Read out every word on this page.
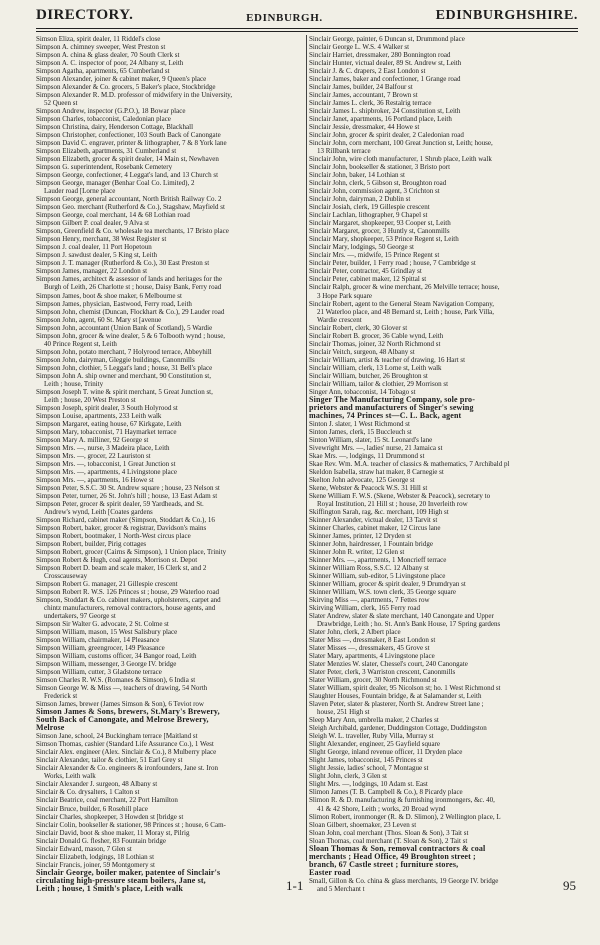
DIRECTORY.	EDINBURGH.	EDINBURGHSHIRE.
Simson Eliza, spirit dealer, 11 Riddel's close
Simpson A. chimney sweeper, West Preston st
Simpson A. china & glass dealer, 70 South Clerk st
Simpson A. C. inspector of poor, 24 Albany st, Leith
Simpson Agatha, apartments, 65 Cumberland st
Simpson Alexander, joiner & cabinet maker, 9 Queen's place
Simpson Alexander & Co. grocers, 5 Baker's place, Stockbridge
Simpson Alexander R. M.D. professor of midwifery in the University,
52 Queen st
Simpson Andrew, inspector (G.P.O.), 18 Bowar place
Simpson Charles, tobacconist, Caledonian place
Simpson Christina, dairy, Henderson Cottage, Blackhall
Simpson Christopher, confectioner, 103 South Back of Canongate
Simpson David C. engraver, printer & lithographer, 7 & 8 York lane
Simpson Elizabeth, apartments, 31 Cumberland st
Simpson Elizabeth, grocer & spirit dealer, 14 Main st, Newhaven
Simpson G. superintendent, Rosebank Cemetery
Simpson George, confectioner, 4 Leggat's land, and 13 Church st
Simpson George, manager (Benhar Coal Co. Limited), 2
Lauder road [Lorne place
Simpson George, general accountant, North British Railway Co. 2
Simpson Geo. merchant (Rutherford & Co.), Stagshaw, Mayfield st
Simpson George, coal merchant, 14 & 68 Lothian road
Simpson Gilbert P. coal dealer, 9 Alva st
Simpson, Greenfield & Co. wholesale tea merchants, 17 Bristo place
Simpson Henry, merchant, 38 West Register st
Simpson J. coal dealer, 11 Port Hopetoun
Simpson J. sawdust dealer, 5 King st, Leith
Simpson J. T. manager (Rutherford & Co.), 30 East Preston st
Simpson James, manager, 22 London st
Simpson James, architect & assessor of lands and heritages for the
Burgh of Leith, 26 Charlotte st ; house, Daisy Bank, Ferry road
Simpson James, boot & shoe maker, 6 Melbourne st
Simpson James, physician, Eastwood, Ferry road, Leith
Simpson John, chemist (Duncan, Flockhart & Co.), 29 Lauder road
Simpson John, agent, 60 St. Mary st [avenue
Simpson John, accountant (Union Bank of Scotland), 5 Wardie
Simpson John, grocer & wine dealer, 5 & 6 Tolbooth wynd ; house,
40 Prince Regent st, Leith
Simpson John, potato merchant, 7 Holyrood terrace, Abbeyhill
Simpson John, dairyman, Gleggie buildings, Canonmills
Simpson John, clothier, 5 Leggat's land ; house, 31 Bell's place
Simpson John A. ship owner and merchant, 90 Constitution st,
Leith ; house, Trinity
Simpson Joseph T. wine & spirit merchant, 5 Great Junction st,
Leith ; house, 20 West Preston st
Simpson Joseph, spirit dealer, 3 South Holyrood st
Simpson Louise, apartments, 233 Leith walk
Simpson Margaret, eating house, 67 Kirkgate, Leith
Simpson Mary, tobacconist, 71 Haymarket terrace
Simpson Mary A. milliner, 92 George st
Simpson Mrs. —, nurse, 3 Madeira place, Leith
Simpson Mrs. —, grocer, 22 Lauriston st
Simpson Mrs. —, tobacconist, 1 Great Junction st
Simpson Mrs. —, apartments, 4 Livingstone place
Simpson Mrs. —, apartments, 16 Howe st
Simpson Peter, S.S.C. 30 St. Andrew square ; house, 23 Nelson st
Simpson Peter, turner, 26 St. John's hill ; house, 13 East Adam st
Simpson Peter, grocer & spirit dealer, 59 Yardheads, and St.
Andrew's wynd, Leith [Coates gardens
Simpson Richard, cabinet maker (Simpson, Stoddart & Co.), 16
Simpson Robert, baker, grocer & registrar, Davidson's mains
Simpson Robert, bootmaker, 1 North-West circus place
Simpson Robert, builder, Pirig cottages
Simpson Robert, grocer (Cairns & Simpson), 1 Union place, Trinity
Simpson Robert & Hugh, coal agents, Morrison st. Depot
Simpson Robert D. beam and scale maker, 16 Clerk st, and 2
Crosscauseway
Simpson Robert G. manager, 21 Gillespie crescent
Simpson Robert R. W.S. 126 Princes st ; house, 29 Waterloo road
Simpson, Stoddart & Co. cabinet makers, upholsterers, carpet and
chintz manufacturers, removal contractors, house agents, and
undertakers, 97 George st
Simpson Sir Walter G. advocate, 2 St. Colme st
Simpson William, mason, 15 West Salisbury place
Simpson William, chairmaker, 14 Pleasance
Simpson William, greengrocer, 149 Pleasance
Simpson William, customs officer, 34 Bangor road, Leith
Simpson William, messenger, 3 George IV. bridge
Simpson William, cutter, 3 Gladstone terrace
Simson Charles R. W.S. (Romanes & Simson), 6 India st
Simson George W. & Miss —, teachers of drawing, 54 North
Frederick st
Simson James, brewer (James Simson & Son), 6 Teviot row
Simson James & Sons, brewers, St.Mary's Brewery,
South Back of Canongate, and Melrose Brewery,
Melrose
Simson Jane, school, 24 Buckingham terrace [Maitland st
Simson Thomas, cashier (Standard Life Assurance Co.), 1 West
Sinclair Alex. engineer (Alex. Sinclair & Co.), 8 Mulberry place
Sinclair Alexander, tailor & clothier, 51 Earl Grey st
Sinclair Alexander & Co. engineers & ironfounders, Jane st. Iron
Works, Leith walk
Sinclair Alexander J. surgeon, 48 Albany st
Sinclair & Co. drysalters, 1 Calton st
Sinclair Beatrice, coal merchant, 22 Port Hamilton
Sinclair Bruce, builder, 6 Rosehill place
Sinclair Charles, shopkeeper, 3 Howden st [bridge st
Sinclair Colin, bookseller & stationer, 98 Princes st ; house, 6 Cam-
Sinclair David, boot & shoe maker, 11 Moray st, Pilrig
Sinclair Donald G. flesher, 83 Fountain bridge
Sinclair Edward, mason, 7 Glen st
Sinclair Elizabeth, lodgings, 18 Lothian st
Sinclair Francis, joiner, 59 Montgomery st
Sinclair George, boiler maker, patentee of Sinclair's
circulating high-pressure steam boilers, Jane st,
Leith ; house, 1 Smith's place, Leith walk
Sinclair George, painter, 6 Duncan st, Drummond place
Sinclair George L. W.S. 4 Walker st
Sinclair Harriet, dressmaker, 280 Bonnington road
Sinclair Hunter, victual dealer, 89 St. Andrew st, Leith
Sinclair J. & C. drapers, 2 East London st
Sinclair James, baker and confectioner, 1 Grange road
Sinclair James, builder, 24 Balfour st
Sinclair James, accountant, 7 Brown st
Sinclair James L. clerk, 36 Restalrig terrace
Sinclair James L. shipbroker, 24 Constitution st, Leith
Sinclair Janet, apartments, 16 Portland place, Leith
Sinclair Jessie, dressmaker, 44 Howe st
Sinclair John, grocer & spirit dealer, 2 Caledonian road
Sinclair John, corn merchant, 100 Great Junction st, Leith; house,
13 Rillbank terrace
Sinclair John, wire cloth manufacturer, 1 Shrub place, Leith walk
Sinclair John, bookseller & stationer, 3 Bristo port
Sinclair John, baker, 14 Lothian st
Sinclair John, clerk, 5 Gibson st, Broughton road
Sinclair John, commission agent, 3 Crichton st
Sinclair John, dairyman, 2 Dublin st
Sinclair Josiah, clerk, 19 Gillespie crescent
Sinclair Lachlan, lithographer, 9 Chapel st
Sinclair Margaret, shopkeeper, 93 Cooper st, Leith
Sinclair Margaret, grocer, 3 Huntly st, Canonmills
Sinclair Mary, shopkeeper, 53 Prince Regent st, Leith
Sinclair Mary, lodgings, 50 George st
Sinclair Mrs. —, midwife, 15 Prince Regent st
Sinclair Peter, builder, 1 Ferry road ; house, 7 Cambridge st
Sinclair Peter, contractor, 45 Grindlay st
Sinclair Peter, cabinet maker, 12 Spittal st
Sinclair Ralph, grocer & wine merchant, 26 Melville terrace; house,
3 Hope Park square
Sinclair Robert, agent to the General Steam Navigation Company,
21 Waterloo place, and 48 Bernard st, Leith ; house, Park Villa,
Wardie crescent
Sinclair Robert, clerk, 30 Glover st
Sinclair Robert B. grocer, 36 Cable wynd, Leith
Sinclair Thomas, joiner, 32 North Richmond st
Sinclair Veitch, surgeon, 48 Albany st
Sinclair William, artist & teacher of drawing, 16 Hart st
Sinclair William, clerk, 13 Lorne st, Leith walk
Sinclair William, butcher, 26 Broughton st
Sinclair William, tailor & clothier, 29 Morrison st
Singer Ann, tobacconist, 14 Tobago st
Singer The Manufacturing Company, sole pro-
prietors and manufacturers of Singer's sewing
machines, 74 Princes st—C. L. Back, agent
Sinton J. slater, 1 West Richmond st
Sinton James, clerk, 15 Buccleuch st
Sinton William, slater, 15 St. Leonard's lane
Sivewright Mrs. —, ladies' nurse, 21 Jamaica st
Skae Mrs. —, lodgings, 11 Drummond st
Skae Rev. Wm. M.A. teacher of classics & mathematics, 7 Archibald pl
Skeldon Isabella, straw hat maker, 8 Carnegie st
Skelton John advocate, 125 George st
Skene, Webster & Peacock W.S. 31 Hill st
Skene William F. W.S. (Skene, Webster & Peacock), secretary to
Royal Institution, 21 Hill st ; house, 20 Inverleith row
Skiffington Sarah, rag, &c. merchant, 109 High st
Skinner Alexander, victual dealer, 13 Tarvit st
Skinner Charles, cabinet maker, 12 Circus lane
Skinner James, printer, 12 Dryden st
Skinner John, hairdresser, 1 Fountain bridge
Skinner John R. writer, 12 Glen st
Skinner Mrs. —, apartments, 1 Moncrieff terrace
Skinner William Ross, S.S.C. 12 Albany st
Skinner William, sub-editor, 5 Livingstone place
Skinner William, grocer & spirit dealer, 9 Drumdryan st
Skinner William, W.S. town clerk, 35 George square
Skirving Miss —, apartments, 7 Fettes row
Skirving William, clerk, 165 Ferry road
Slater Andrew, slater & slate merchant, 140 Canongate and Upper
Drawbridge, Leith ; ho. St. Ann's Bank House, 17 Spring gardens
Slater John, clerk, 2 Albert place
Slater Miss —, dressmaker, 8 East London st
Slater Misses —, dressmakers, 45 Grove st
Slater Mary, apartments, 4 Livingstone place
Slater Menzies W. slater, Chessel's court, 240 Canongate
Slater Peter, clerk, 3 Warriston crescent, Canonmills
Slater William, grocer, 30 North Richmond st
Slater William, spirit dealer, 95 Nicolson st; ho. 1 West Richmond st
Slaughter Houses, Fountain bridge, & at Salamander st, Leith
Slaven Peter, slater & plasterer, North St. Andrew Street lane ;
house, 251 High st
Sleep Mary Ann, umbrella maker, 2 Charles st
Sleigh Archibald, gardener, Duddingston Cottage, Duddingston
Sleigh W. L. traveller, Ruby Villa, Murray st
Slight Alexander, engineer, 25 Gayfield square
Slight George, inland revenue officer, 11 Dryden place
Slight James, tobacconist, 145 Princes st
Slight Jessie, ladies' school, 7 Montague st
Slight John, clerk, 3 Glen st
Slight Mrs. —, lodgings, 10 Adam st. East
Slimon James (T. B. Campbell & Co.), 8 Picardy place
Slimon R. & D. manufacturing & furnishing ironmongers, &c. 40,
41 & 42 Shore, Leith ; works, 20 Broad wynd
Slimon Robert, ironmonger (R. & D. Slimon), 2 Wellington place, L
Sloan Gilbert, shoemaker, 23 Leven st
Sloan John, coal merchant (Thos. Sloan & Son), 3 Tait st
Sloan Thomas, coal merchant (T. Sloan & Son), 2 Tait st
Sloan Thomas & Son, removal contractors & coal
merchants ; Head Office, 49 Broughton street ;
branch, 67 Castle street ; furniture stores,
Easter road
Small, Gillon & Co. china & glass merchants, 19 George IV. bridge
and 5 Merchant t
1-1	95
